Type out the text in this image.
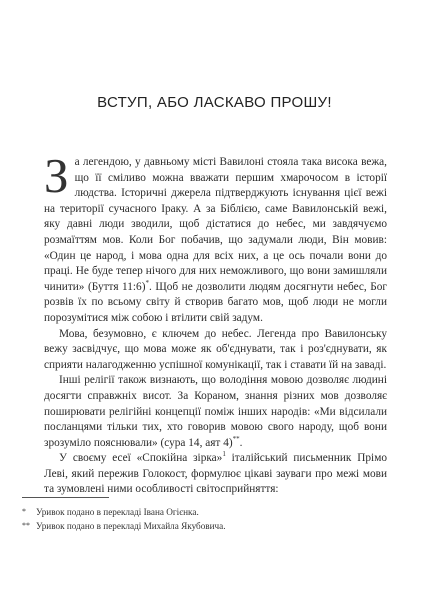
ВСТУП, АБО ЛАСКАВО ПРОШУ!

За легендою, у давньому місті Вавилоні стояла така висока вежа, що її сміливо можна вважати першим хмарочосом в історії людства. Історичні джерела підтверджують існування цієї вежі на території сучасного Іраку. А за Біблією, саме Вавилонській вежі, яку давні люди зводили, щоб дістатися до небес, ми завдячуємо розмаїттям мов. Коли Бог побачив, що задумали люди, Він мовив: «Один це народ, і мова одна для всіх них, а це ось почали вони до праці. Не буде тепер нічого для них неможливого, що вони замишляли чинити» (Буття 11:6)*. Щоб не дозволити людям досягнути небес, Бог розвів їх по всьому світу й створив багато мов, щоб люди не могли порозумітися між собою і втілити свій задум.

Мова, безумовно, є ключем до небес. Легенда про Вавилонську вежу засвідчує, що мова може як об'єднувати, так і роз'єднувати, як сприяти налагодженню успішної комунікації, так і ставати їй на заваді.

Інші релігії також визнають, що володіння мовою дозволяє людині досягти справжніх висот. За Кораном, знання різних мов дозволяє поширювати релігійні концепції поміж інших народів: «Ми відсилали посланцями тільки тих, хто говорив мовою свого народу, щоб вони зрозуміло пояснювали» (сура 14, аят 4)**.

У своєму есеї «Спокійна зірка»$^1$ італійський письменник Прімо Леві, який пережив Голокост, формулює цікаві зауваги про межі мови та зумовлені ними особливості світосприйняття:

* Уривок подано в перекладі Івана Огієнка.
** Уривок подано в перекладі Михайла Якубовича.
